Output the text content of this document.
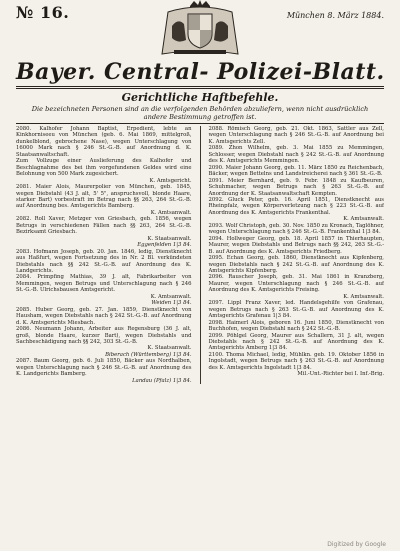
№ 16.	München 8. März 1884.
Bayer. Central- Polizei-Blatt.
Gerichtliche Haftbefehle.
Die bezeichneten Personen sind an die verfolgenden Behörden abzuliefern, wenn nicht ausdrücklich andere Bestimmung getroffen ist.

2080. Kalhofer Johann Baptist, Erpedient, lebte an Kinkhorniseeu von München (geb. 6. Mai 1869, mittelgroß, dunkelblond, gebrochene Nase), wegen Unterschlagung von 16000 Mark nach § 246 St.-G.-B. auf Anordnung d. K. Staatsanwaltschaft.

Zum Vollzuge einer Auslieferung des Kalhofer und Beschlagnahme des bei ihm vorgefundenen Geldes wird eine Belohnung von 500 Mark zugesichert.

K. Amtsgericht.

2081. Maier Alois, Maurerpolier von München, geb. 1845, wegen Diebstahl (43 J. alt, 5' 5", anspruchsvoll, blonde Haare, starker Bart) vorbestraft im Betrag nach §§ 263, 264 St.-G.-B. auf Anordnung bes. Amtsgerichts Bamberg.

K. Amtsanwalt.

2082. Roll Xaver, Metzger von Griesbach, geb. 1856, wegen Betrugs in verschiedenen Fällen nach §§ 263, 264 St.-G.-B. Bezirksamt Griesbach.

K. Staatsanwalt.

Eggenfelden 1|3 84.

2083. Hofmann Joseph, geb. 20. Jan. 1846, ledig, Dienstknecht aus Haßfurt, wegen Fortsetzung des in Nr. 2 Bl. verkündeten Diebstahls nach §§ 242 St.-G.-B. auf Anordnung des K. Landgerichts.

2084. Primpfing Mathias, 39 J. alt, Fabrikarbeiter von Memmingen, wegen Betrugs und Unterschlagung nach § 246 St.-G.-B. Ulrichsbausen Amtsgericht.

K. Amtsanwalt.

Weiden 1|3 84.

2085. Huber Georg, geb. 27. Jan. 1859, Dienstknecht von Hausham, wegen Diebstahls nach § 242 St.-G.-B. auf Anordnung d. K. Amtsgerichts Miesbach.

2086. Neumann Johann, Arbeiter aus Regensburg (36 J. alt, groß, blonde Haare, kurzer Bart), wegen Diebstahls und Sachbeschädigung nach §§ 242, 303 St.-G.-B.

K. Staatsanwalt.

Biberach (Württemberg) 1|3 84.

2087. Baum Georg, geb. 6. Juli 1850, Bäcker aus Nordhalben, wegen Unterschlagung nach § 246 St.-G.-B. auf Anordnung des K. Landgerichts Bamberg.

Landau (Pfalz) 1|3 84.

2088. Römisch Georg, geb. 21. Okt. 1863, Sattler aus Zell, wegen Unterschlagung nach § 246 St.-G.-B. auf Anordnung bei K. Amtsgerichts Zell.

2089. Zhon Wilhelm, geb. 3. Mai 1855 zu Memmingen, Schlosser, wegen Diebstahl nach § 242 St.-G.-B. auf Anordnung des K. Amtsgerichts Memmingen.

2090. Maier Johann Georg, geb. 11. März 1850 zu Reichenbach, Bäcker, wegen Bettelns und Landstreicherei nach § 361 St.-G.-B.

2091. Meier Bernhard, geb. 9. Febr. 1848 zu Kaufbeuren, Schuhmacher, wegen Betrugs nach § 263 St.-G.-B. auf Anordnung der K. Staatsanwaltschaft Kempten.

2092. Gluck Peter, geb. 16. April 1851, Dienstknecht aus Rheinpfalz, wegen Körperverletzung nach § 223 St.-G.-B. auf Anordnung des K. Amtsgerichts Frankenthal.

K. Amtsanwalt.

2093. Wolf Christoph, geb. 30. Nov. 1850 zu Kronach, Taglöhner, wegen Unterschlagung nach § 246 St.-G.-B. Frankenthal 1|3 84.

2094. Hollweger Georg, geb. 18. April 1857 in Thierhaupten, Maurer, wegen Diebstahls und Betrugs nach §§ 242, 263 St.-G.-B. auf Anordnung des K. Amtsgerichts Friedberg.

2095. Echan Georg, geb. 1860, Dienstknecht aus Kipfenberg, wegen Diebstahls nach § 242 St.-G.-B. auf Anordnung des K. Amtsgerichts Kipfenberg.

2096. Rauscher Joseph, geb. 31. Mai 1861 in Kranzberg, Maurer, wegen Unterschlagung nach § 246 St.-G.-B. auf Anordnung des K. Amtsgerichts Freising.

K. Amtsanwalt.

2097. Lippl Franz Xaver, led. Handelsgehilfe von Grafenau, wegen Betrugs nach § 263 St.-G.-B. auf Anordnung des K. Amtsgerichts Grafenau 1|3 84.

2098. Haimerl Alois, geboren 16. Juni 1850, Dienstknecht von Buchhofen, wegen Diebstahl nach § 242 St.-G.-B.

2099. Pöhlgel Georg, Maurer aus Schallern, 31 J. alt, wegen Diebstahls nach § 242 St.-G.-B. auf Anordnung des K. Amtsgerichts Amberg 1|3 84.

2100. Thoma Michael, ledig, Mühlkn. geb. 19. Oktober 1856 in Ingolstadt, wegen Betrugs nach § 263 St.-G.-B. auf Anordnung des K. Amtsgerichts Ingolstadt 1|3 84.

Mil.-Unt.-Richter bei I. Inf.-Brig.

Digitized by Google
